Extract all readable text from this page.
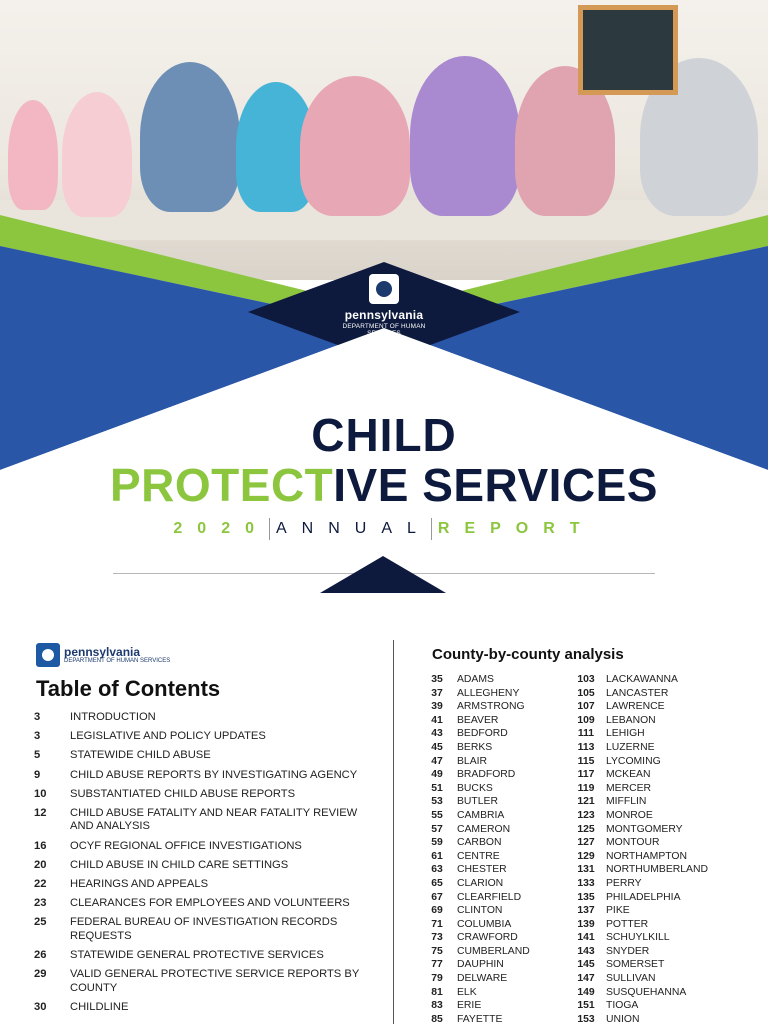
pennsylvania
DEPARTMENT OF HUMAN SERVICES
CHILD
PROTECTIVE SERVICES
2020 ANNUAL REPORT
pennsylvania
DEPARTMENT OF HUMAN SERVICES
Table of Contents
3	INTRODUCTION
3	LEGISLATIVE AND POLICY UPDATES
5	STATEWIDE CHILD ABUSE
9	CHILD ABUSE REPORTS BY INVESTIGATING AGENCY
10	SUBSTANTIATED CHILD ABUSE REPORTS
12	CHILD ABUSE FATALITY AND NEAR FATALITY REVIEW AND ANALYSIS
16	OCYF REGIONAL OFFICE INVESTIGATIONS
20	CHILD ABUSE IN CHILD CARE SETTINGS
22	HEARINGS AND APPEALS
23	CLEARANCES FOR EMPLOYEES AND VOLUNTEERS
25	FEDERAL BUREAU OF INVESTIGATION RECORDS REQUESTS
26	STATEWIDE GENERAL PROTECTIVE SERVICES
29	VALID GENERAL PROTECTIVE SERVICE REPORTS BY COUNTY
30	CHILDLINE
County-by-county analysis
35	ADAMS
37	ALLEGHENY
39	ARMSTRONG
41	BEAVER
43	BEDFORD
45	BERKS
47	BLAIR
49	BRADFORD
51	BUCKS
53	BUTLER
55	CAMBRIA
57	CAMERON
59	CARBON
61	CENTRE
63	CHESTER
65	CLARION
67	CLEARFIELD
69	CLINTON
71	COLUMBIA
73	CRAWFORD
75	CUMBERLAND
77	DAUPHIN
79	DELWARE
81	ELK
83	ERIE
85	FAYETTE
103	LACKAWANNA
105	LANCASTER
107	LAWRENCE
109	LEBANON
111	LEHIGH
113	LUZERNE
115	LYCOMING
117	MCKEAN
119	MERCER
121	MIFFLIN
123	MONROE
125	MONTGOMERY
127	MONTOUR
129	NORTHAMPTON
131	NORTHUMBERLAND
133	PERRY
135	PHILADELPHIA
137	PIKE
139	POTTER
141	SCHUYLKILL
143	SNYDER
145	SOMERSET
147	SULLIVAN
149	SUSQUEHANNA
151	TIOGA
153	UNION
